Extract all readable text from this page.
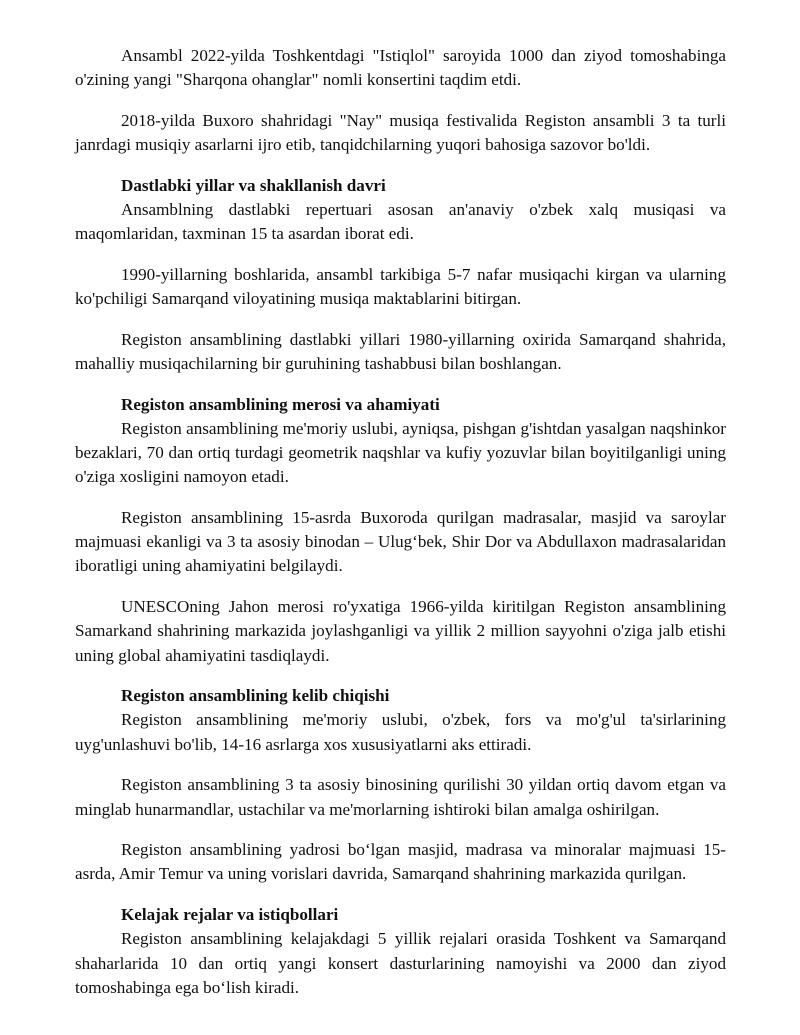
Ansambl 2022-yilda Toshkentdagi "Istiqlol" saroyida 1000 dan ziyod tomoshabinga o'zining yangi "Sharqona ohanglar" nomli konsertini taqdim etdi.

2018-yilda Buxoro shahridagi "Nay" musiqa festivalida Registon ansambli 3 ta turli janrdagi musiqiy asarlarni ijro etib, tanqidchilarning yuqori bahosiga sazovor bo'ldi.

Dastlabki yillar va shakllanish davri

Ansamblning dastlabki repertuari asosan an'anaviy o'zbek xalq musiqasi va maqomlaridan, taxminan 15 ta asardan iborat edi.

1990-yillarning boshlarida, ansambl tarkibiga 5-7 nafar musiqachi kirgan va ularning ko'pchiligi Samarqand viloyatining musiqa maktablarini bitirgan.

Registon ansamblining dastlabki yillari 1980-yillarning oxirida Samarqand shahrida, mahalliy musiqachilarning bir guruhining tashabbusi bilan boshlangan.

Registon ansamblining merosi va ahamiyati

Registon ansamblining me'moriy uslubi, ayniqsa, pishgan g'ishtdan yasalgan naqshinkor bezaklari, 70 dan ortiq turdagi geometrik naqshlar va kufiy yozuvlar bilan boyitilganligi uning o'ziga xosligini namoyon etadi.

Registon ansamblining 15-asrda Buxoroda qurilgan madrasalar, masjid va saroylar majmuasi ekanligi va 3 ta asosiy binodan – Ulug‘bek, Shir Dor va Abdullaxon madrasalaridan iboratligi uning ahamiyatini belgilaydi.

UNESCOning Jahon merosi ro'yxatiga 1966-yilda kiritilgan Registon ansamblining Samarkand shahrining markazida joylashganligi va yillik 2 million sayyohni o'ziga jalb etishi uning global ahamiyatini tasdiqlaydi.

Registon ansamblining kelib chiqishi

Registon ansamblining me'moriy uslubi, o'zbek, fors va mo'g'ul ta'sirlarining uyg'unlashuvi bo'lib, 14-16 asrlarga xos xususiyatlarni aks ettiradi.

Registon ansamblining 3 ta asosiy binosining qurilishi 30 yildan ortiq davom etgan va minglab hunarmandlar, ustachilar va me'morlarning ishtiroki bilan amalga oshirilgan.

Registon ansamblining yadrosi bo‘lgan masjid, madrasa va minoralar majmuasi 15-asrda, Amir Temur va uning vorislari davrida, Samarqand shahrining markazida qurilgan.

Kelajak rejalar va istiqbollari

Registon ansamblining kelajakdagi 5 yillik rejalari orasida Toshkent va Samarqand shaharlarida 10 dan ortiq yangi konsert dasturlarining namoyishi va 2000 dan ziyod tomoshabinga ega bo‘lish kiradi.
